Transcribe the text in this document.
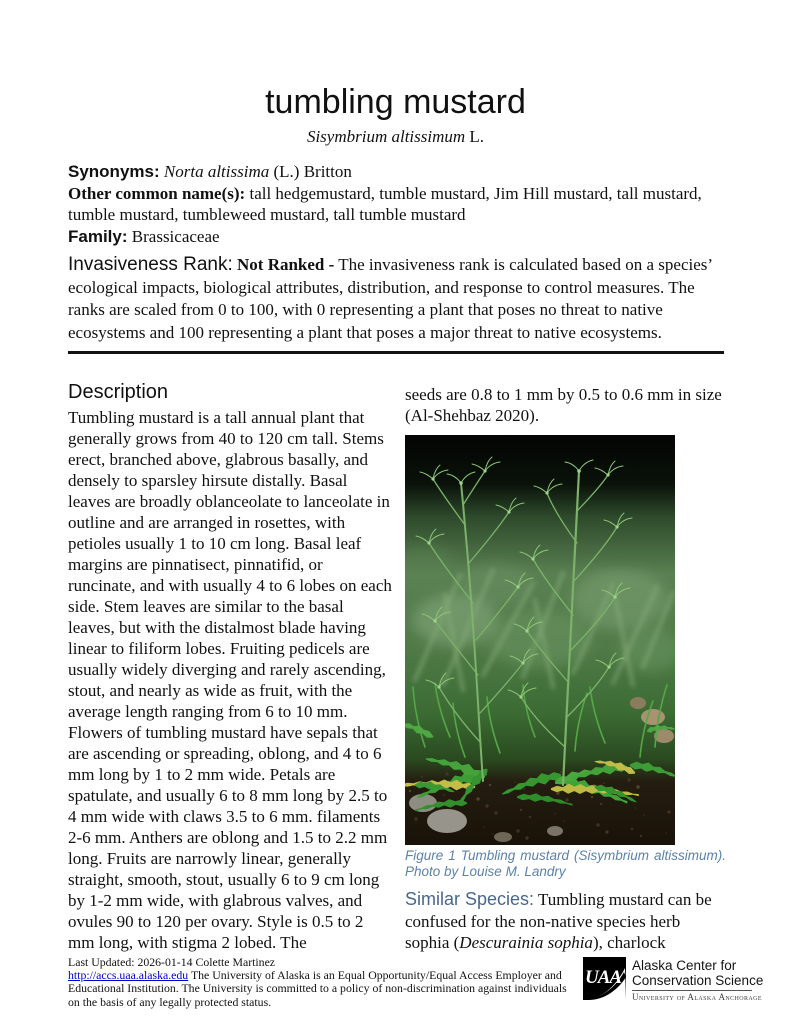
tumbling mustard
Sisymbrium altissimum L.
Synonyms: Norta altissima (L.) Britton
Other common name(s): tall hedgemustard, tumble mustard, Jim Hill mustard, tall mustard, tumble mustard, tumbleweed mustard, tall tumble mustard
Family: Brassicaceae
Invasiveness Rank: Not Ranked - The invasiveness rank is calculated based on a species’ ecological impacts, biological attributes, distribution, and response to control measures. The ranks are scaled from 0 to 100, with 0 representing a plant that poses no threat to native ecosystems and 100 representing a plant that poses a major threat to native ecosystems.
Description
Tumbling mustard is a tall annual plant that generally grows from 40 to 120 cm tall. Stems erect, branched above, glabrous basally, and densely to sparsley hirsute distally. Basal leaves are broadly oblanceolate to lanceolate in outline and are arranged in rosettes, with petioles usually 1 to 10 cm long. Basal leaf margins are pinnatisect, pinnatifid, or runcinate, and with usually 4 to 6 lobes on each side. Stem leaves are similar to the basal leaves, but with the distalmost blade having linear to filiform lobes. Fruiting pedicels are usually widely diverging and rarely ascending, stout, and nearly as wide as fruit, with the average length ranging from 6 to 10 mm. Flowers of tumbling mustard have sepals that are ascending or spreading, oblong, and 4 to 6 mm long by 1 to 2 mm wide. Petals are spatulate, and usually 6 to 8 mm long by 2.5 to 4 mm wide with claws 3.5 to 6 mm. filaments 2-6 mm. Anthers are oblong and 1.5 to 2.2 mm long. Fruits are narrowly linear, generally straight, smooth, stout, usually 6 to 9 cm long by 1-2 mm wide, with glabrous valves, and ovules 90 to 120 per ovary. Style is 0.5 to 2 mm long, with stigma 2 lobed. The
seeds are 0.8 to 1 mm by 0.5 to 0.6 mm in size (Al-Shehbaz 2020).
Figure 1 Tumbling mustard (Sisymbrium altissimum).
Photo by Louise M. Landry
Similar Species: Tumbling mustard can be confused for the non-native species herb sophia (Descurainia sophia), charlock
Last Updated: 2026-01-14 Colette Martinez
http://accs.uaa.alaska.edu The University of Alaska is an Equal Opportunity/Equal Access Employer and Educational Institution. The University is committed to a policy of non-discrimination against individuals on the basis of any legally protected status.
UAA
Alaska Center for
Conservation Science
University of Alaska Anchorage
